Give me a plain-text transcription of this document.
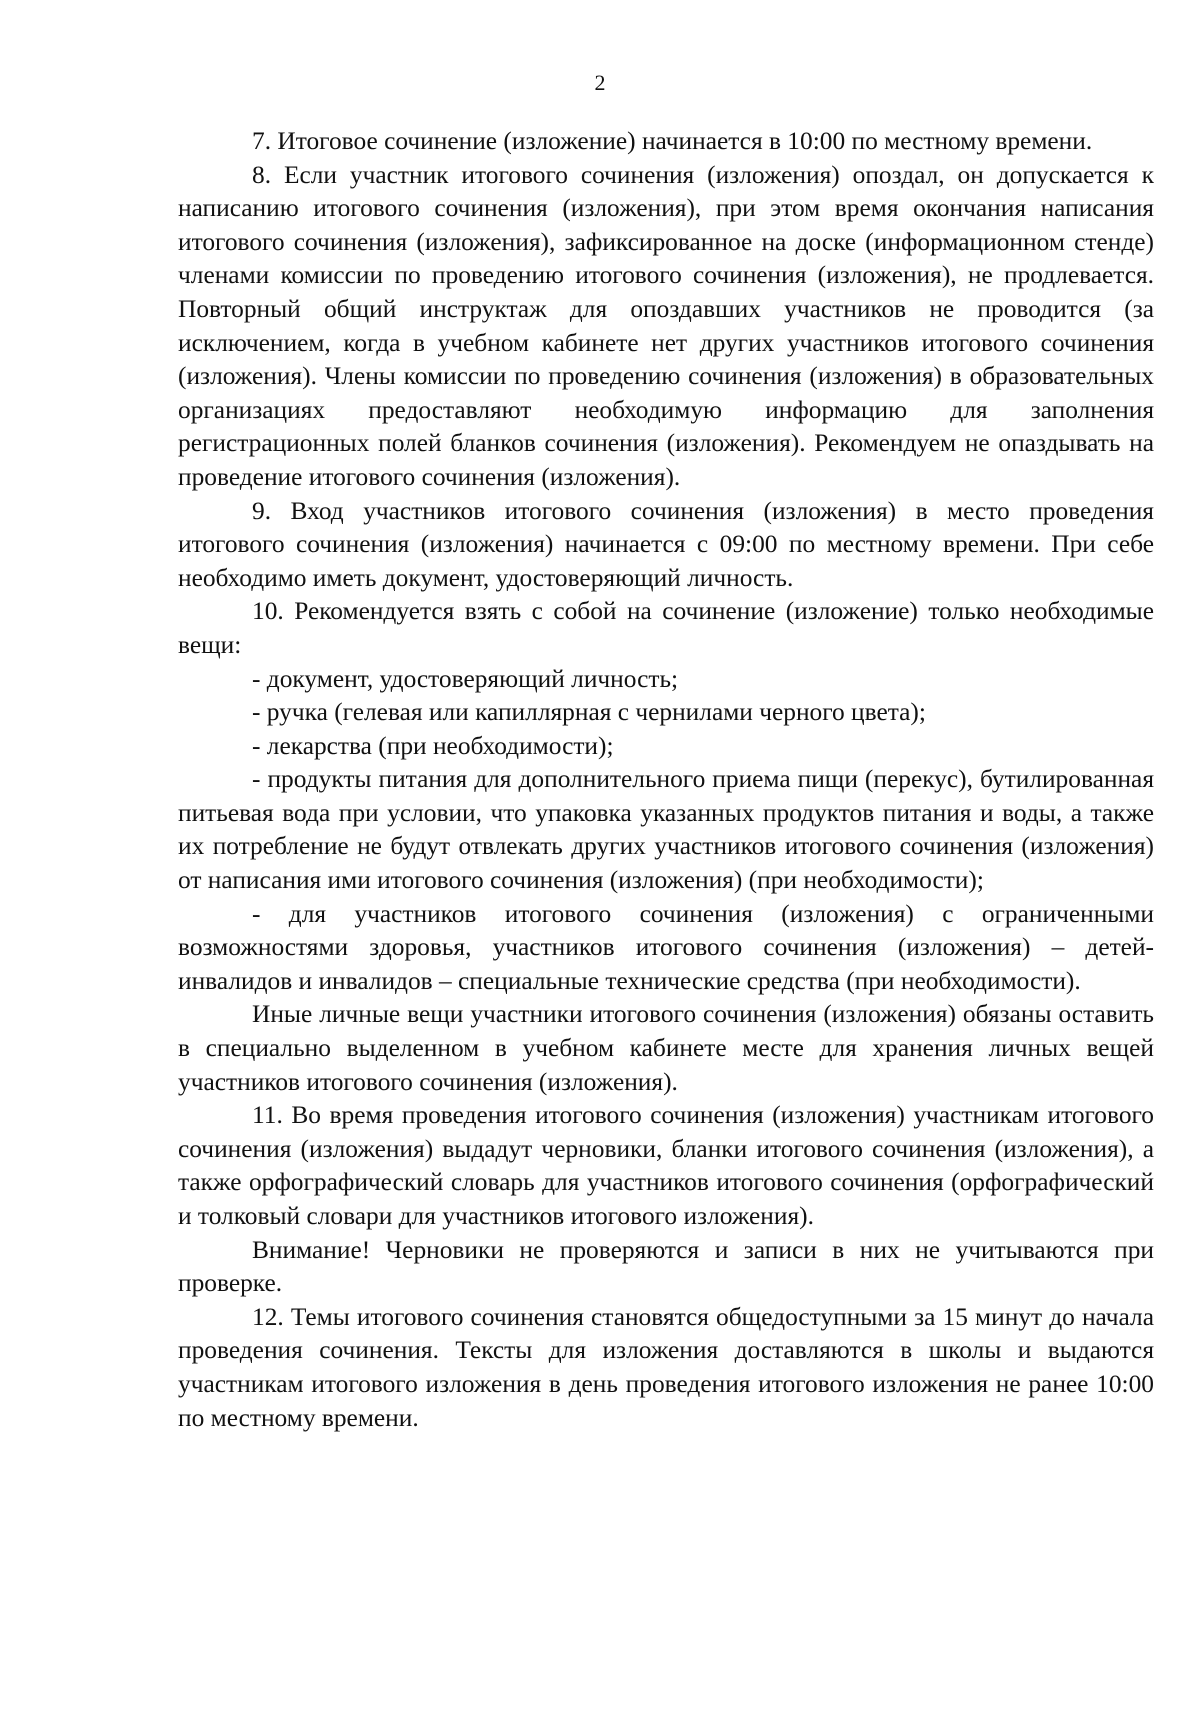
2

7. Итоговое сочинение (изложение) начинается в 10:00 по местному времени.

8. Если участник итогового сочинения (изложения) опоздал, он допускается к написанию итогового сочинения (изложения), при этом время окончания написания итогового сочинения (изложения), зафиксированное на доске (информационном стенде) членами комиссии по проведению итогового сочинения (изложения), не продлевается. Повторный общий инструктаж для опоздавших участников не проводится (за исключением, когда в учебном кабинете нет других участников итогового сочинения (изложения). Члены комиссии по проведению сочинения (изложения) в образовательных организациях предоставляют необходимую информацию для заполнения регистрационных полей бланков сочинения (изложения). Рекомендуем не опаздывать на проведение итогового сочинения (изложения).

9. Вход участников итогового сочинения (изложения) в место проведения итогового сочинения (изложения) начинается с 09:00 по местному времени. При себе необходимо иметь документ, удостоверяющий личность.

10. Рекомендуется взять с собой на сочинение (изложение) только необходимые вещи:

- документ, удостоверяющий личность;

- ручка (гелевая или капиллярная с чернилами черного цвета);

- лекарства (при необходимости);

- продукты питания для дополнительного приема пищи (перекус), бутилированная питьевая вода при условии, что упаковка указанных продуктов питания и воды, а также их потребление не будут отвлекать других участников итогового сочинения (изложения) от написания ими итогового сочинения (изложения) (при необходимости);

- для участников итогового сочинения (изложения) с ограниченными возможностями здоровья, участников итогового сочинения (изложения) – детей-инвалидов и инвалидов – специальные технические средства (при необходимости).

Иные личные вещи участники итогового сочинения (изложения) обязаны оставить в специально выделенном в учебном кабинете месте для хранения личных вещей участников итогового сочинения (изложения).

11. Во время проведения итогового сочинения (изложения) участникам итогового сочинения (изложения) выдадут черновики, бланки итогового сочинения (изложения), а также орфографический словарь для участников итогового сочинения (орфографический и толковый словари для участников итогового изложения).

Внимание! Черновики не проверяются и записи в них не учитываются при проверке.

12. Темы итогового сочинения становятся общедоступными за 15 минут до начала проведения сочинения. Тексты для изложения доставляются в школы и выдаются участникам итогового изложения в день проведения итогового изложения не ранее 10:00 по местному времени.
